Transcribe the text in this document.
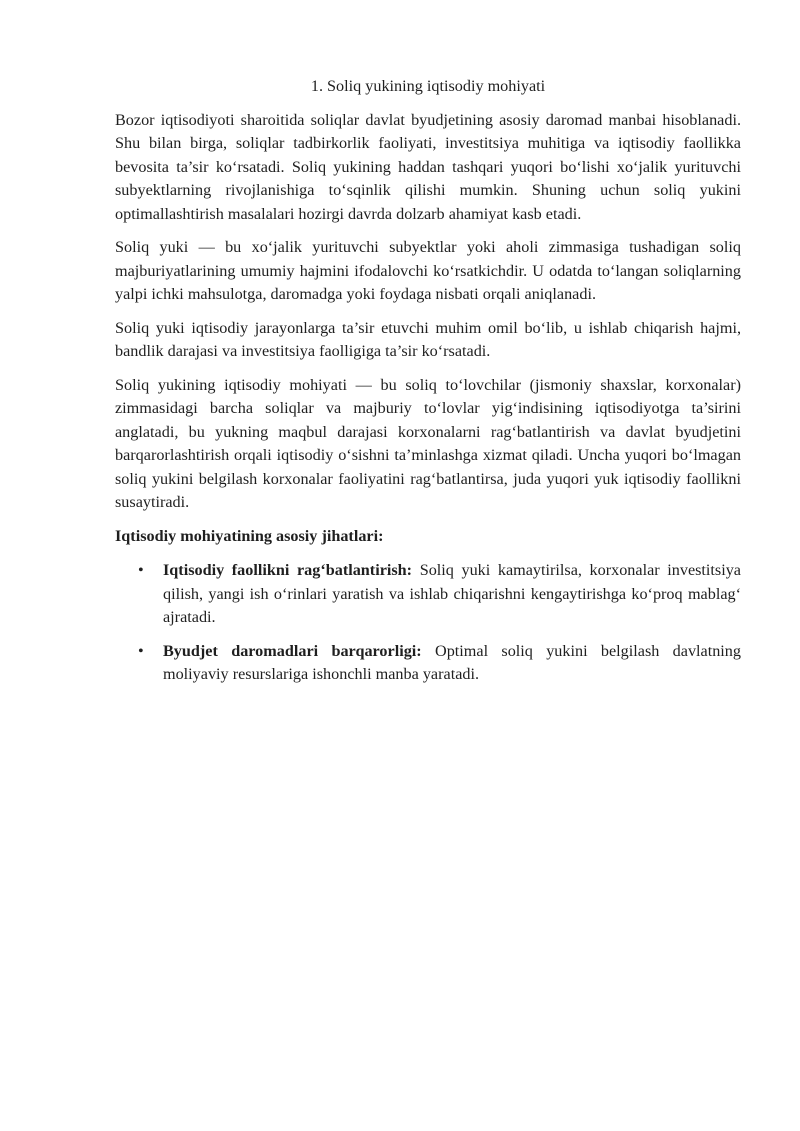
1. Soliq yukining iqtisodiy mohiyati

Bozor iqtisodiyoti sharoitida soliqlar davlat byudjetining asosiy daromad manbai hisoblanadi. Shu bilan birga, soliqlar tadbirkorlik faoliyati, investitsiya muhitiga va iqtisodiy faollikka bevosita ta’sir ko‘rsatadi. Soliq yukining haddan tashqari yuqori bo‘lishi xo‘jalik yurituvchi subyektlarning rivojlanishiga to‘sqinlik qilishi mumkin. Shuning uchun soliq yukini optimallashtirish masalalari hozirgi davrda dolzarb ahamiyat kasb etadi.

Soliq yuki — bu xo‘jalik yurituvchi subyektlar yoki aholi zimmasiga tushadigan soliq majburiyatlarining umumiy hajmini ifodalovchi ko‘rsatkichdir. U odatda to‘langan soliqlarning yalpi ichki mahsulotga, daromadga yoki foydaga nisbati orqali aniqlanadi.

Soliq yuki iqtisodiy jarayonlarga ta’sir etuvchi muhim omil bo‘lib, u ishlab chiqarish hajmi, bandlik darajasi va investitsiya faolligiga ta’sir ko‘rsatadi.

Soliq yukining iqtisodiy mohiyati — bu soliq to‘lovchilar (jismoniy shaxslar, korxonalar) zimmasidagi barcha soliqlar va majburiy to‘lovlar yig‘indisining iqtisodiyotga ta’sirini anglatadi, bu yukning maqbul darajasi korxonalarni rag‘batlantirish va davlat byudjetini barqarorlashtirish orqali iqtisodiy o‘sishni ta’minlashga xizmat qiladi. Uncha yuqori bo‘lmagan soliq yukini belgilash korxonalar faoliyatini rag‘batlantirsa, juda yuqori yuk iqtisodiy faollikni susaytiradi.

Iqtisodiy mohiyatining asosiy jihatlari:
• Iqtisodiy faollikni rag‘batlantirish: Soliq yuki kamaytirilsa, korxonalar investitsiya qilish, yangi ish o‘rinlari yaratish va ishlab chiqarishni kengaytirishga ko‘proq mablag‘ ajratadi.
• Byudjet daromadlari barqarorligi: Optimal soliq yukini belgilash davlatning moliyaviy resurslariga ishonchli manba yaratadi.
